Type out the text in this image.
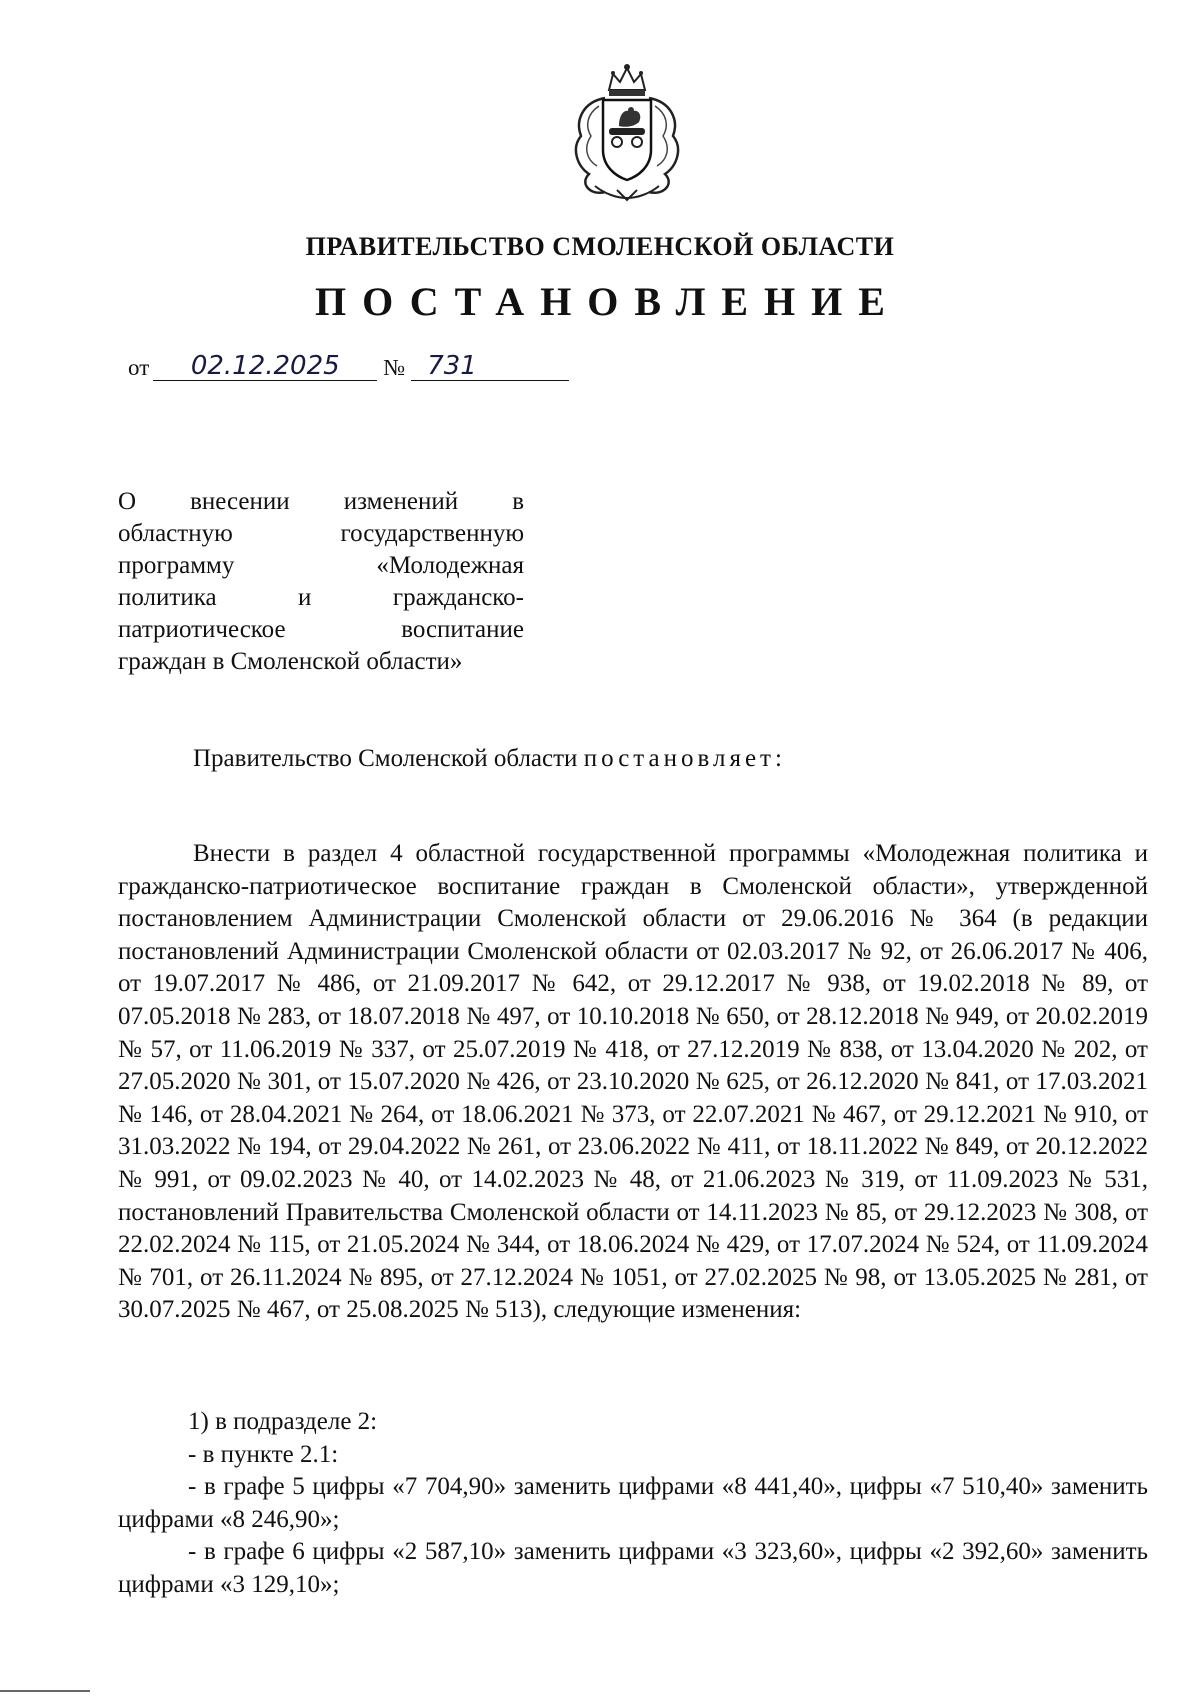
ПРАВИТЕЛЬСТВО СМОЛЕНСКОЙ ОБЛАСТИ
ПОСТАНОВЛЕНИЕ
от	02.12.2025	№ 731
О внесении изменений в
областную государственную
программу «Молодежная
политика и гражданско-
патриотическое воспитание
граждан в Смоленской области»
Правительство Смоленской области постановляет:

Внести в раздел 4 областной государственной программы «Молодежная политика и гражданско-патриотическое воспитание граждан в Смоленской области», утвержденной постановлением Администрации Смоленской области от 29.06.2016 № 364 (в редакции постановлений Администрации Смоленской области от 02.03.2017 № 92, от 26.06.2017 № 406, от 19.07.2017 № 486, от 21.09.2017 № 642, от 29.12.2017 № 938, от 19.02.2018 № 89, от 07.05.2018 № 283, от 18.07.2018 № 497, от 10.10.2018 № 650, от 28.12.2018 № 949, от 20.02.2019 № 57, от 11.06.2019 № 337, от 25.07.2019 № 418, от 27.12.2019 № 838, от 13.04.2020 № 202, от 27.05.2020 № 301, от 15.07.2020 № 426, от 23.10.2020 № 625, от 26.12.2020 № 841, от 17.03.2021 № 146, от 28.04.2021 № 264, от 18.06.2021 № 373, от 22.07.2021 № 467, от 29.12.2021 № 910, от 31.03.2022 № 194, от 29.04.2022 № 261, от 23.06.2022 № 411, от 18.11.2022 № 849, от 20.12.2022 № 991, от 09.02.2023 № 40, от 14.02.2023 № 48, от 21.06.2023 № 319, от 11.09.2023 № 531, постановлений Правительства Смоленской области от 14.11.2023 № 85, от 29.12.2023 № 308, от 22.02.2024 № 115, от 21.05.2024 № 344, от 18.06.2024 № 429, от 17.07.2024 № 524, от 11.09.2024 № 701, от 26.11.2024 № 895, от 27.12.2024 № 1051, от 27.02.2025 № 98, от 13.05.2025 № 281, от 30.07.2025 № 467, от 25.08.2025 № 513), следующие изменения:

1) в подразделе 2:

- в пункте 2.1:

- в графе 5 цифры «7 704,90» заменить цифрами «8 441,40», цифры «7 510,40» заменить цифрами «8 246,90»;

- в графе 6 цифры «2 587,10» заменить цифрами «3 323,60», цифры «2 392,60» заменить цифрами «3 129,10»;
